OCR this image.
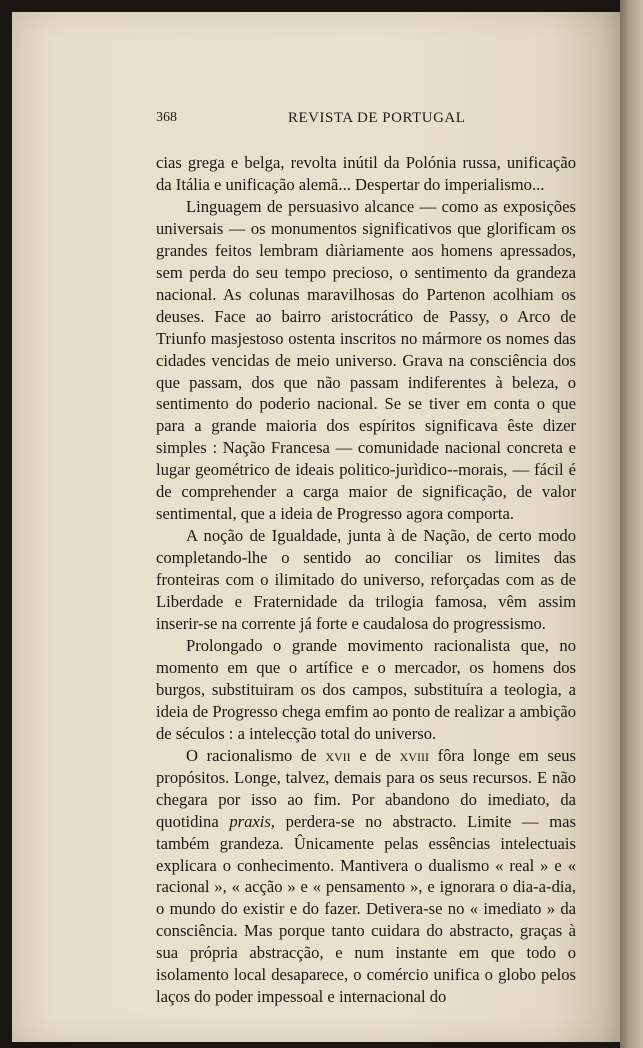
368	REVISTA DE PORTUGAL

cias grega e belga, revolta inútil da Polónia russa, unificação da Itália e unificação alemã... Despertar do imperialismo...

Linguagem de persuasivo alcance — como as exposições universais — os monumentos significativos que glorificam os grandes feitos lembram diàriamente aos homens apressados, sem perda do seu tempo precioso, o sentimento da grandeza nacional. As colunas maravilhosas do Partenon acolhiam os deuses. Face ao bairro aristocrático de Passy, o Arco de Triunfo masjestoso ostenta inscritos no mármore os nomes das cidades vencidas de meio universo. Grava na consciência dos que passam, dos que não passam indiferentes à beleza, o sentimento do poderio nacional. Se se tiver em conta o que para a grande maioria dos espíritos significava êste dizer simples : Nação Francesa — comunidade nacional concreta e lugar geométrico de ideais politico-jurìdico--morais, — fácil é de comprehender a carga maior de significação, de valor sentimental, que a ideia de Progresso agora comporta.

A noção de Igualdade, junta à de Nação, de certo modo completando-lhe o sentido ao conciliar os limites das fronteiras com o ilimitado do universo, reforçadas com as de Liberdade e Fraternidade da trilogia famosa, vêm assim inserir-se na corrente já forte e caudalosa do progressismo.

Prolongado o grande movimento racionalista que, no momento em que o artífice e o mercador, os homens dos burgos, substituiram os dos campos, substituíra a teologia, a ideia de Progresso chega emfim ao ponto de realizar a ambição de séculos : a intelecção total do universo.

O racionalismo de xvii e de xviii fôra longe em seus propósitos. Longe, talvez, demais para os seus recursos. E não chegara por isso ao fim. Por abandono do imediato, da quotidina praxis, perdera-se no abstracto. Limite — mas também grandeza. Ûnicamente pelas essências intelectuais explicara o conhecimento. Mantivera o dualismo « real » e « racional », « acção » e « pensamento », e ignorara o dia-a-dia, o mundo do existir e do fazer. Detivera-se no « imediato » da consciência. Mas porque tanto cuidara do abstracto, graças à sua própria abstracção, e num instante em que todo o isolamento local desaparece, o comércio unifica o globo pelos laços do poder impessoal e internacional do
